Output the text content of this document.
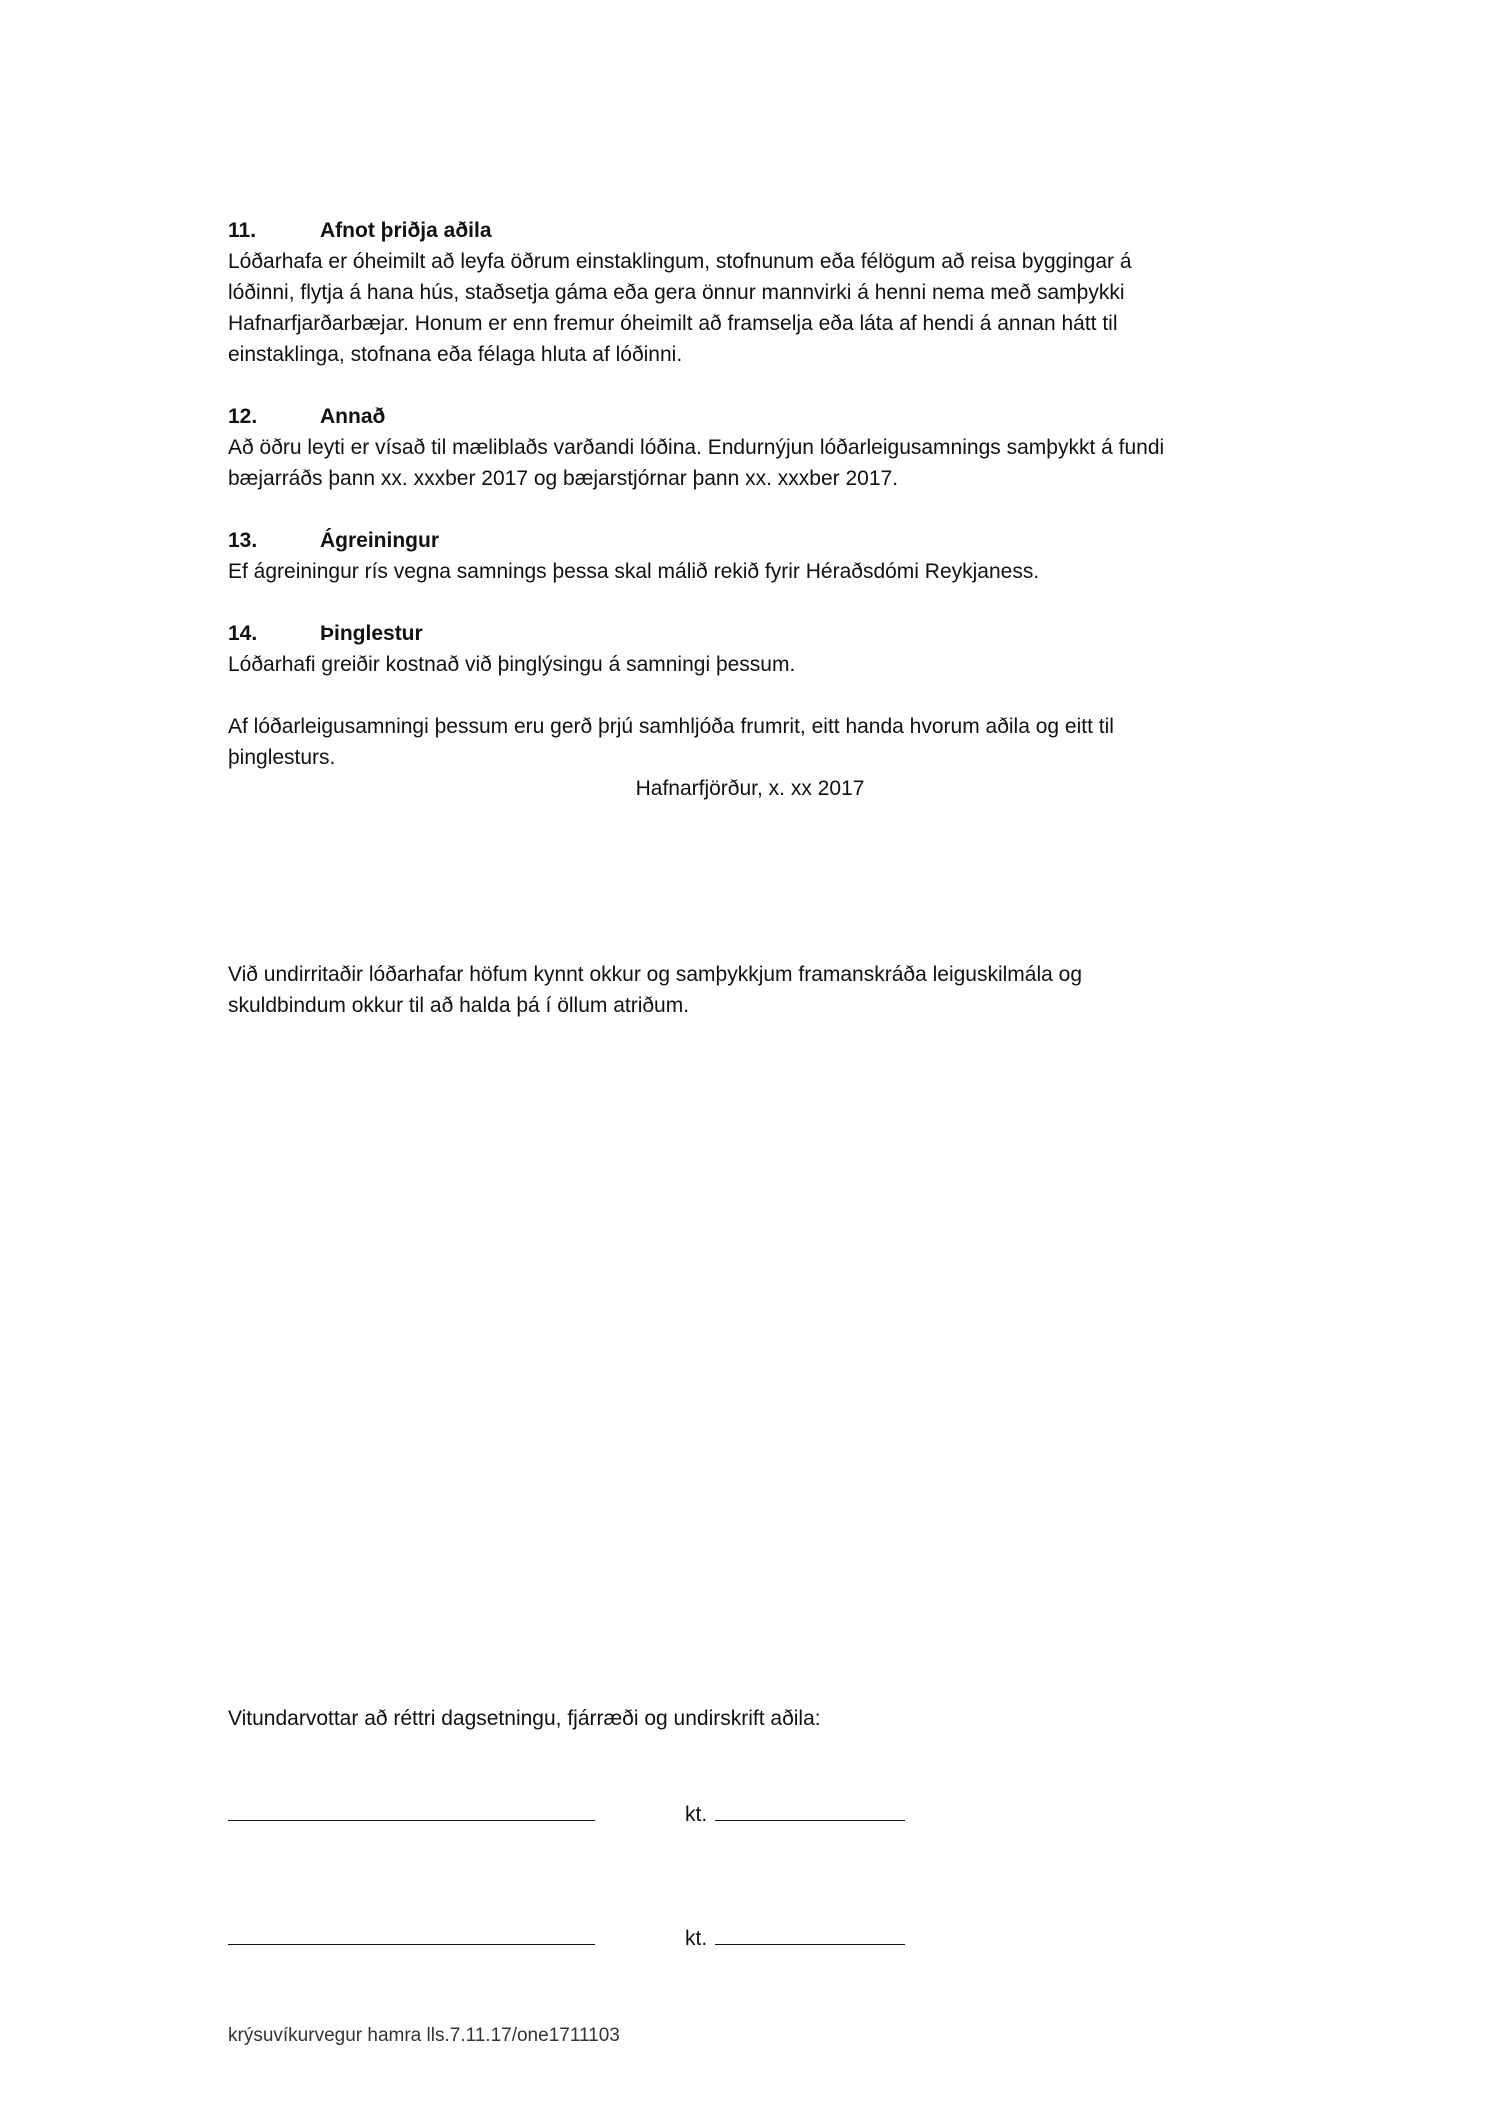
11.	Afnot þriðja aðila

Lóðarhafa er óheimilt að leyfa öðrum einstaklingum, stofnunum eða félögum að reisa byggingar á
lóðinni, flytja á hana hús, staðsetja gáma eða gera önnur mannvirki á henni nema með samþykki
Hafnarfjarðarbæjar. Honum er enn fremur óheimilt að framselja eða láta af hendi á annan hátt til
einstaklinga, stofnana eða félaga hluta af lóðinni.

12.	Annað

Að öðru leyti er vísað til mæliblaðs varðandi lóðina. Endurnýjun lóðarleigusamnings samþykkt á fundi
bæjarráðs þann xx. xxxber 2017 og bæjarstjórnar þann xx. xxxber 2017.

13.	Ágreiningur

Ef ágreiningur rís vegna samnings þessa skal málið rekið fyrir Héraðsdómi Reykjaness.

14.	Þinglestur

Lóðarhafi greiðir kostnað við þinglýsingu á samningi þessum.

Af lóðarleigusamningi þessum eru gerð þrjú samhljóða frumrit, eitt handa hvorum aðila og eitt til
þinglesturs.

Hafnarfjörður, x. xx 2017

Við undirritaðir lóðarhafar höfum kynnt okkur og samþykkjum framanskráða leiguskilmála og
skuldbindum okkur til að halda þá í öllum atriðum.

Vitundarvottar að réttri dagsetningu, fjárræði og undirskrift aðila:

kt.
kt.
krýsuvíkurvegur hamra lls.7.11.17/one1711103
